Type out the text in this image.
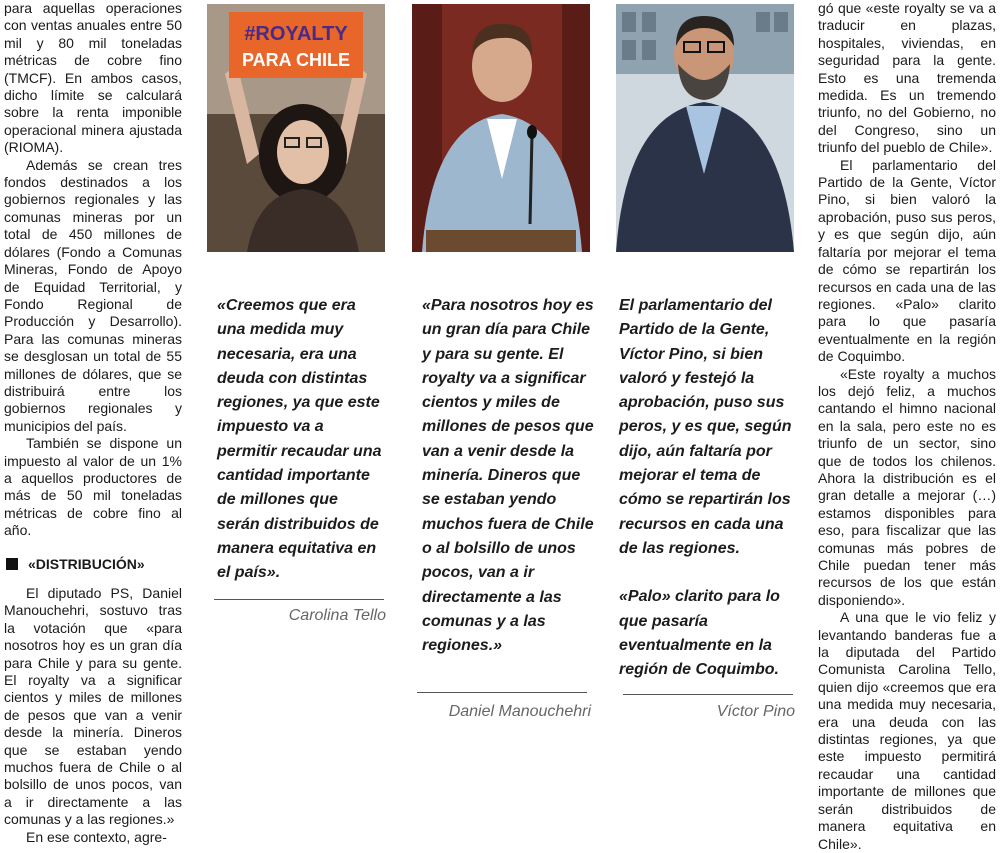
para aquellas operaciones con ventas anuales entre 50 mil y 80 mil toneladas métricas de cobre fino (TMCF). En ambos casos, dicho límite se calculará sobre la renta imponible operacional minera ajustada (RIOMA).

Además se crean tres fondos destinados a los gobiernos regionales y las comunas mineras por un total de 450 millones de dólares (Fondo a Comunas Mineras, Fondo de Apoyo de Equidad Territorial, y Fondo Regional de Producción y Desarrollo). Para las comunas mineras se desglosan un total de 55 millones de dólares, que se distribuirá entre los gobiernos regionales y municipios del país.

También se dispone un impuesto al valor de un 1% a aquellos productores de más de 50 mil toneladas métricas de cobre fino al año.

«DISTRIBUCIÓN»

El diputado PS, Daniel Manouchehri, sostuvo tras la votación que «para nosotros hoy es un gran día para Chile y para su gente. El royalty va a significar cientos y miles de millones de pesos que van a venir desde la minería. Dineros que se estaban yendo muchos fuera de Chile o al bolsillo de unos pocos, van a ir directamente a las comunas y a las regiones.»

En ese contexto, agre-

#ROYALTY
PARA CHILE

«Creemos que era una medida muy necesaria, era una deuda con distintas regiones, ya que este impuesto va a permitir recaudar una cantidad importante de millones que serán distribuidos de manera equitativa en el país».

Carolina Tello

«Para nosotros hoy es un gran día para Chile y para su gente. El royalty va a significar cientos y miles de millones de pesos que van a venir desde la minería. Dineros que se estaban yendo muchos fuera de Chile o al bolsillo de unos pocos, van a ir directamente a las comunas y a las regiones.»

Daniel Manouchehri

El parlamentario del Partido de la Gente, Víctor Pino, si bien valoró y festejó la aprobación, puso sus peros, y es que, según dijo, aún faltaría por mejorar el tema de cómo se repartirán los recursos en cada una de las regiones.

«Palo» clarito para lo que pasaría eventualmente en la región de Coquimbo.

Víctor Pino

gó que «este royalty se va a traducir en plazas, hospitales, viviendas, en seguridad para la gente. Esto es una tremenda medida. Es un tremendo triunfo, no del Gobierno, no del Congreso, sino un triunfo del pueblo de Chile».

El parlamentario del Partido de la Gente, Víctor Pino, si bien valoró la aprobación, puso sus peros, y es que según dijo, aún faltaría por mejorar el tema de cómo se repartirán los recursos en cada una de las regiones. «Palo» clarito para lo que pasaría eventualmente en la región de Coquimbo.

«Este royalty a muchos los dejó feliz, a muchos cantando el himno nacional en la sala, pero este no es triunfo de un sector, sino que de todos los chilenos. Ahora la distribución es el gran detalle a mejorar (…) estamos disponibles para eso, para fiscalizar que las comunas más pobres de Chile puedan tener más recursos de los que están disponiendo».

A una que le vio feliz y levantando banderas fue a la diputada del Partido Comunista Carolina Tello, quien dijo «creemos que era una medida muy necesaria, era una deuda con las distintas regiones, ya que este impuesto permitirá recaudar una cantidad importante de millones que serán distribuidos de manera equitativa en Chile».
